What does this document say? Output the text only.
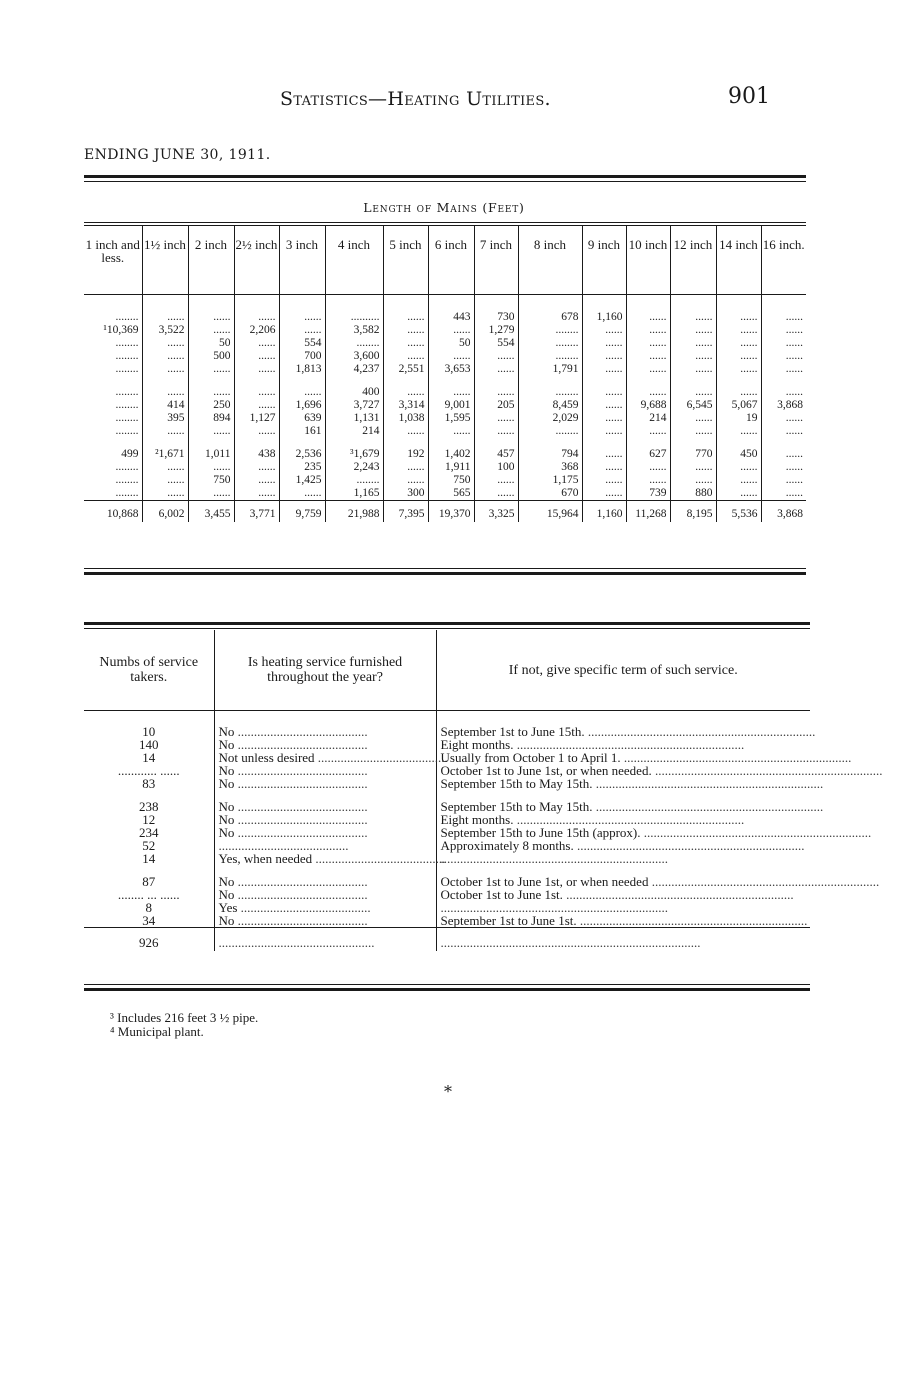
Statistics—Heating Utilities.	901
ENDING JUNE 30, 1911.
Length of Mains (Feet)
1 inch and less.	1½ inch	2 inch	2½ inch	3 inch	4 inch	5 inch	6 inch	7 inch	8 inch	9 inch	10 inch	12 inch	14 inch	16 inch.
........	......	......	......	......	..........	......	443	730	678	1,160	......	......	......	......
¹10,369	3,522	......	2,206	......	3,582	......	......	1,279	........	......	......	......	......	......
........	......	50	......	554	........	......	50	554	........	......	......	......	......	......
........	......	500	......	700	3,600	......	......	......	........	......	......	......	......	......
........	......	......	......	1,813	4,237	2,551	3,653	......	1,791	......	......	......	......	......

........	......	......	......	......	400	......	......	......	........	......	......	......	......	......
........	414	250	......	1,696	3,727	3,314	9,001	205	8,459	......	9,688	6,545	5,067	3,868
........	395	894	1,127	639	1,131	1,038	1,595	......	2,029	......	214	......	19	......
........	......	......	......	161	214	......	......	......	........	......	......	......	......	......

499	²1,671	1,011	438	2,536	³1,679	192	1,402	457	794	......	627	770	450	......
........	......	......	......	235	2,243	......	1,911	100	368	......	......	......	......	......
........	......	750	......	1,425	........	......	750	......	1,175	......	......	......	......	......
........	......	......	......	......	1,165	300	565	......	670	......	739	880	......	......
10,868	6,002	3,455	3,771	9,759	21,988	7,395	19,370	3,325	15,964	1,160	11,268	8,195	5,536	3,868
Numbs of service takers.	Is heating service furnished throughout the year?	If not, give specific term of such service.
10	No ........................................	September 1st to June 15th. ......................................................................
140	No ........................................	Eight months. ......................................................................
14	Not unless desired ........................................	Usually from October 1 to April 1. ......................................................................
............ ......	No ........................................	October 1st to June 1st, or when needed. ......................................................................
83	No ........................................	September 15th to May 15th. ......................................................................

238	No ........................................	September 15th to May 15th. ......................................................................
12	No ........................................	Eight months. ......................................................................
234	No ........................................	September 15th to June 15th (approx). ......................................................................
52	........................................	Approximately 8 months. ......................................................................
14	Yes, when needed ........................................	......................................................................

87	No ........................................	October 1st to June 1st, or when needed ......................................................................
........ ... ......	No ........................................	October 1st to June 1st. ......................................................................
8	Yes ........................................	......................................................................
34	No ........................................	September 1st to June 1st. ......................................................................
926	................................................	................................................................................
³ Includes 216 feet 3 ½ pipe.
⁴ Municipal plant.
*
